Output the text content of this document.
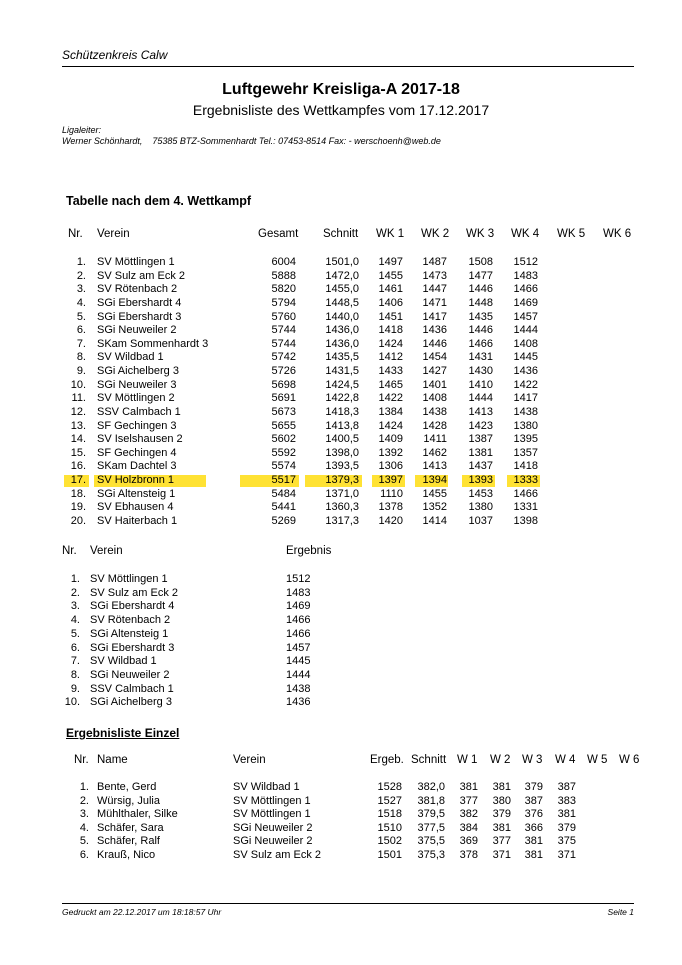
Schützenkreis Calw
Luftgewehr Kreisliga-A 2017-18
Ergebnisliste des Wettkampfes vom 17.12.2017
Ligaleiter:
Werner Schönhardt,    75385 BTZ-Sommenhardt Tel.: 07453-8514 Fax: - werschoenh@web.de
Tabelle nach dem 4. Wettkampf
Nr. Verein	Gesamt Schnitt WK 1 WK 2 WK 3 WK 4 WK 5 WK 6
1. SV Möttlingen 1	6004	1501,0	1497	1487	1508	1512
2. SV Sulz am Eck 2	5888	1472,0	1455	1473	1477	1483
3. SV Rötenbach 2	5820	1455,0	1461	1447	1446	1466
4. SGi Ebershardt 4	5794	1448,5	1406	1471	1448	1469
5. SGi Ebershardt 3	5760	1440,0	1451	1417	1435	1457
6. SGi Neuweiler 2	5744	1436,0	1418	1436	1446	1444
7. SKam Sommenhardt 3	5744	1436,0	1424	1446	1466	1408
8. SV Wildbad 1	5742	1435,5	1412	1454	1431	1445
9. SGi Aichelberg 3	5726	1431,5	1433	1427	1430	1436
10. SGi Neuweiler 3	5698	1424,5	1465	1401	1410	1422
11. SV Möttlingen 2	5691	1422,8	1422	1408	1444	1417
12. SSV Calmbach 1	5673	1418,3	1384	1438	1413	1438
13. SF Gechingen 3	5655	1413,8	1424	1428	1423	1380
14. SV Iselshausen 2	5602	1400,5	1409	1411	1387	1395
15. SF Gechingen 4	5592	1398,0	1392	1462	1381	1357
16. SKam Dachtel 3	5574	1393,5	1306	1413	1437	1418
17. SV Holzbronn 1	5517	1379,3	1397	1394	1393	1333
18. SGi Altensteig 1	5484	1371,0	1110	1455	1453	1466
19. SV Ebhausen 4	5441	1360,3	1378	1352	1380	1331
20. SV Haiterbach 1	5269	1317,3	1420	1414	1037	1398
Nr. Verein	Ergebnis
1. SV Möttlingen 1	1512
2. SV Sulz am Eck 2	1483
3. SGi Ebershardt 4	1469
4. SV Rötenbach 2	1466
5. SGi Altensteig 1	1466
6. SGi Ebershardt 3	1457
7. SV Wildbad 1	1445
8. SGi Neuweiler 2	1444
9. SSV Calmbach 1	1438
10. SGi Aichelberg 3	1436
Ergebnisliste Einzel
Nr. Name	Verein	Ergeb. Schnitt W 1 W 2 W 3 W 4 W 5 W 6
1. Bente, Gerd	SV Wildbad 1	1528	382,0	381	381	379	387
2. Würsig, Julia	SV Möttlingen 1	1527	381,8	377	380	387	383
3. Mühlthaler, Silke	SV Möttlingen 1	1518	379,5	382	379	376	381
4. Schäfer, Sara	SGi Neuweiler 2	1510	377,5	384	381	366	379
5. Schäfer, Ralf	SGi Neuweiler 2	1502	375,5	369	377	381	375
6. Krauß, Nico	SV Sulz am Eck 2	1501	375,3	378	371	381	371
Gedruckt am 22.12.2017 um 18:18:57 Uhr	Seite 1
